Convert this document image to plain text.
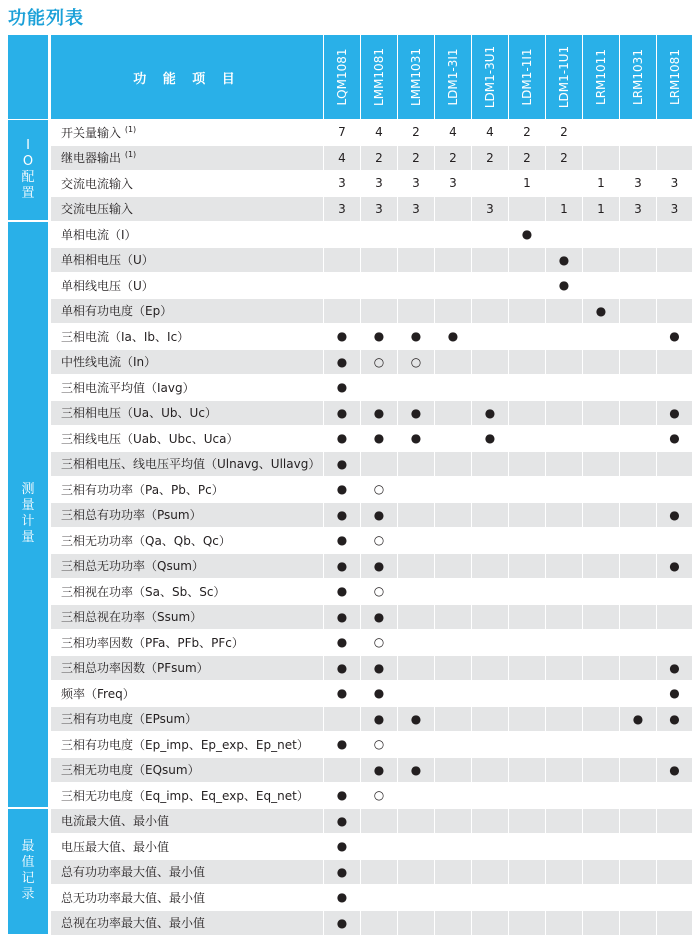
功能列表
	功 能 项 目	LQM1081	LMM1081	LMM1031	LDM1-3I1	LDM1-3U1	LDM1-1I1	LDM1-1U1	LRM1011	LRM1031	LRM1081

I O 配 置	开关量输入 $^{(1)}$	7	4	2	4	4	2	2			
	继电器输出 $^{(1)}$	4	2	2	2	2	2	2			
	交流电流输入	3	3	3	3		1		1	3	3
	交流电压输入	3	3	3		3		1	1	3	3
测 量 计 量	单相电流（I）						●				
	单相相电压（U）							●			
	单相线电压（U）							●			
	单相有功电度（Ep）								●		
	三相电流（Ia、Ib、Ic）	●	●	●	●						●
	中性线电流（In）	●	○	○							
	三相电流平均值（Iavg）	●									
	三相相电压（Ua、Ub、Uc）	●	●	●		●					●
	三相线电压（Uab、Ubc、Uca）	●	●	●		●					●
	三相相电压、线电压平均值（Ulnavg、Ullavg）	●									
	三相有功功率（Pa、Pb、Pc）	●	○								
	三相总有功功率（Psum）	●	●								●
	三相无功功率（Qa、Qb、Qc）	●	○								
	三相总无功功率（Qsum）	●	●								●
	三相视在功率（Sa、Sb、Sc）	●	○								
	三相总视在功率（Ssum）	●	●								
	三相功率因数（PFa、PFb、PFc）	●	○								
	三相总功率因数（PFsum）	●	●								●
	频率（Freq）	●	●								●
	三相有功电度（EPsum）		●	●						●	●
	三相有功电度（Ep_imp、Ep_exp、Ep_net）	●	○								
	三相无功电度（EQsum）		●	●							●
	三相无功电度（Eq_imp、Eq_exp、Eq_net）	●	○								
最 值 记 录	电流最大值、最小值	●									
	电压最大值、最小值	●									
	总有功功率最大值、最小值	●									
	总无功功率最大值、最小值	●									
	总视在功率最大值、最小值	●									
